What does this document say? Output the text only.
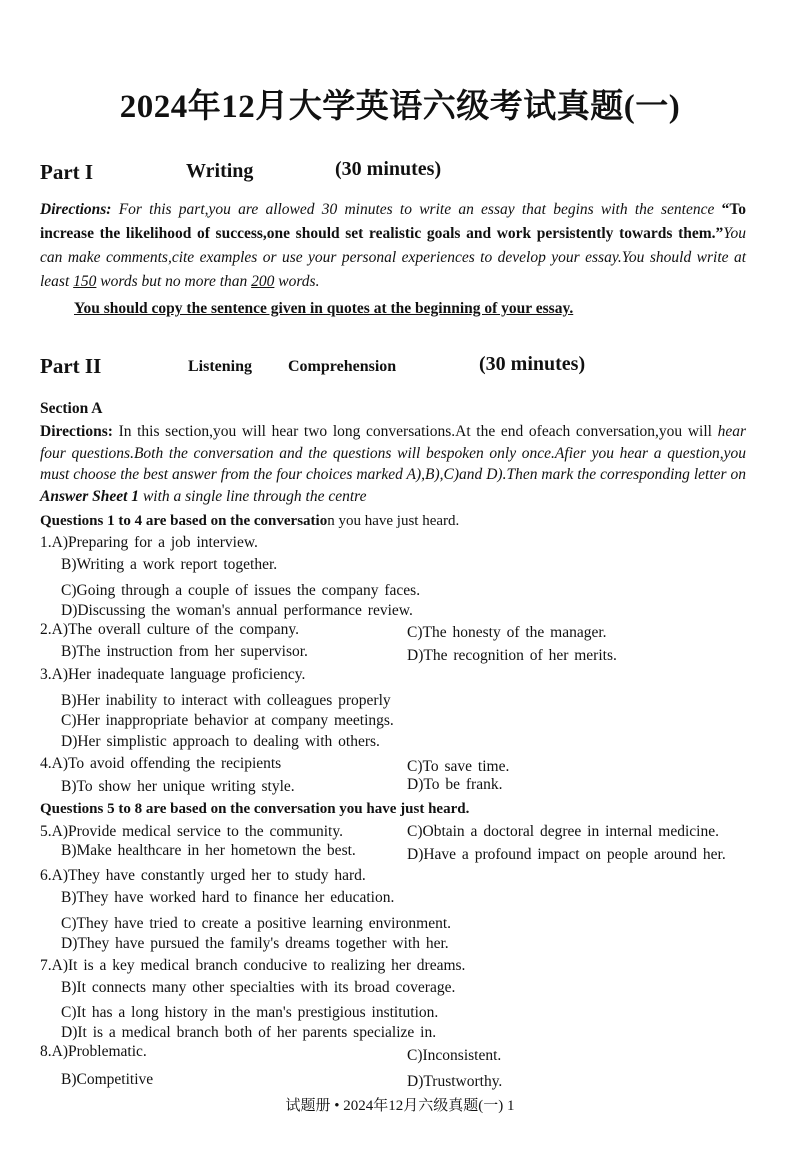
2024年12月大学英语六级考试真题(一)
Part I	Writing	(30 minutes)
Directions: For this part,you are allowed 30 minutes to write an essay that begins with the sentence “To increase the likelihood of success,one should set realistic goals and work persistently towards them.”You can make comments,cite examples or use your personal experiences to develop your essay.You should write at least 150 words but no more than 200 words.
You should copy the sentence given in quotes at the beginning of your essay.
Part II	Listening Comprehension	(30 minutes)
Section A
Directions: In this section,you will hear two long conversations.At the end ofeach conversation,you will hear four questions.Both the conversation and the questions will bespoken only once.Afier you hear a question,you must choose the best answer from the four choices marked A),B),C)and D).Then mark the corresponding letter on Answer Sheet 1 with a single line through the centre
Questions 1 to 4 are based on the conversation you have just heard.
1.A)Preparing for a job interview.
B)Writing a work report together.
C)Going through a couple of issues the company faces.
D)Discussing the woman's annual performance review.
2.A)The overall culture of the company.
B)The instruction from her supervisor.
C)The honesty of the manager.
D)The recognition of her merits.
3.A)Her inadequate language proficiency.
B)Her inability to interact with colleagues properly
C)Her inappropriate behavior at company meetings.
D)Her simplistic approach to dealing with others.
4.A)To avoid offending the recipients
B)To show her unique writing style.
C)To save time.
D)To be frank.
Questions 5 to 8 are based on the conversation you have just heard.
5.A)Provide medical service to the community.
B)Make healthcare in her hometown the best.
C)Obtain a doctoral degree in internal medicine.
D)Have a profound impact on people around her.
6.A)They have constantly urged her to study hard.
B)They have worked hard to finance her education.
C)They have tried to create a positive learning environment.
D)They have pursued the family's dreams together with her.
7.A)It is a key medical branch conducive to realizing her dreams.
B)It connects many other specialties with its broad coverage.
C)It has a long history in the man's prestigious institution.
D)It is a medical branch both of her parents specialize in.
8.A)Problematic.
B)Competitive
C)Inconsistent.
D)Trustworthy.
试题册 • 2024年12月六级真题(一) 1
